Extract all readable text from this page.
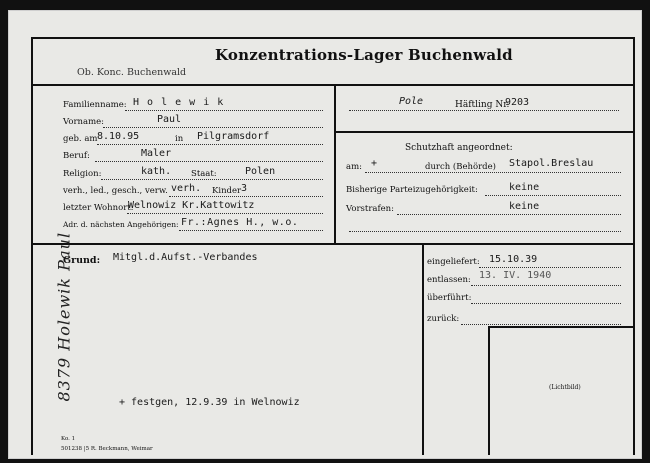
Konzentrations-Lager Buchenwald
Ob. Konc. Buchenwald
Familienname: H o l e w i k
Vorname:	Paul
geb. am 8.10.95	in Pilgramsdorf
Beruf:	Maler
Religion:	kath. Staat:	Polen
verh., led., gesch., verw. verh. Kinder 3
letzter Wohnort:
Welnowiz Kr.Kattowitz
Adr. d. nächsten Angehörigen: Fr.:Agnes H., w.o.
Pole	Häftling Nr.
9203
Schutzhaft angeordnet:
am: +	durch (Behörde) Stapol.Breslau
Bisherige Parteizugehörigkeit:	keine
Vorstrafen:	keine
Grund: Mitgl.d.Aufst.-Verbandes
+ festgen, 12.9.39 in Welnowiz
eingeliefert: 15.10.39
entlassen: 13. IV. 1940
überführt:
zurück:
(Lichtbild)
8379 Holewik Paul
Ko. 1
501238 |5 R. Beckmann, Weimar
